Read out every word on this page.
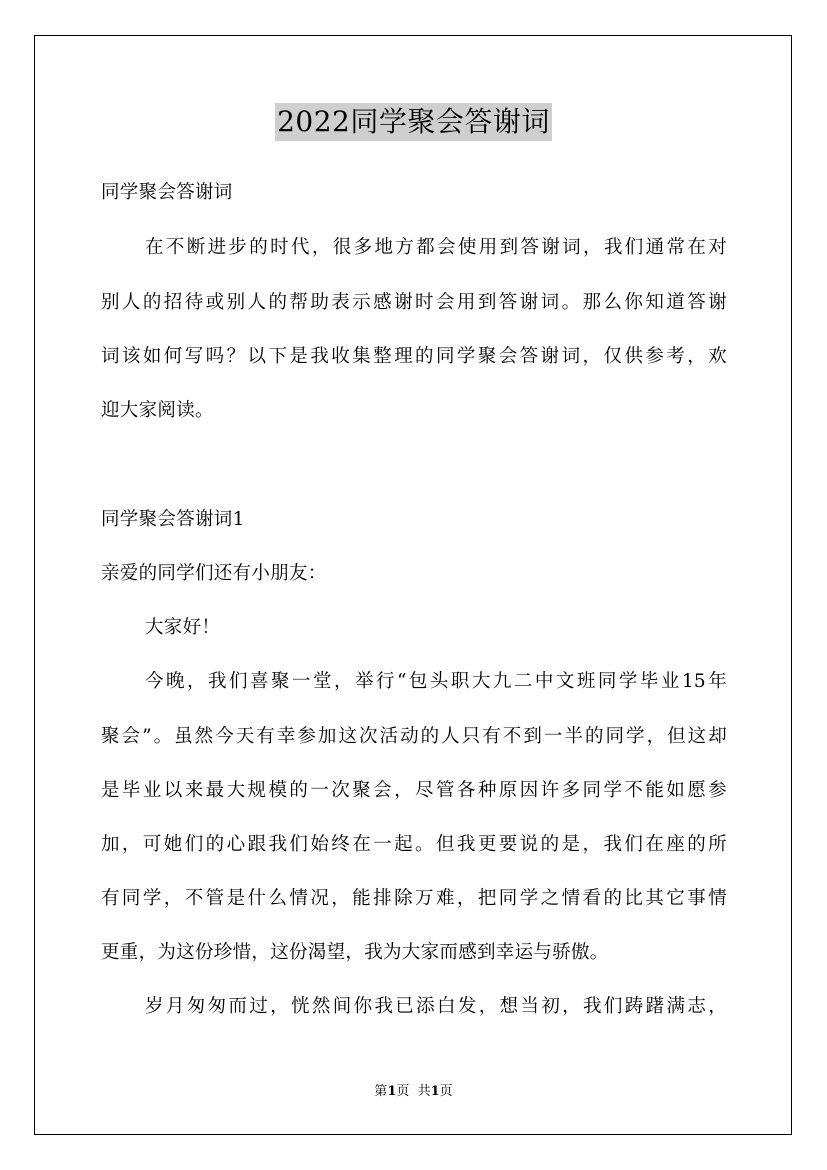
2022同学聚会答谢词
同学聚会答谢词
在不断进步的时代，很多地方都会使用到答谢词，我们通常在对
别人的招待或别人的帮助表示感谢时会用到答谢词。那么你知道答谢
词该如何写吗？以下是我收集整理的同学聚会答谢词，仅供参考，欢
迎大家阅读。
同学聚会答谢词1
亲爱的同学们还有小朋友：
大家好！
今晚，我们喜聚一堂，举行“包头职大九二中文班同学毕业15年
聚会”。虽然今天有幸参加这次活动的人只有不到一半的同学，但这却
是毕业以来最大规模的一次聚会，尽管各种原因许多同学不能如愿参
加，可她们的心跟我们始终在一起。但我更要说的是，我们在座的所
有同学，不管是什么情况，能排除万难，把同学之情看的比其它事情
更重，为这份珍惜，这份渴望，我为大家而感到幸运与骄傲。
岁月匆匆而过，恍然间你我已添白发，想当初，我们踌躇满志，
第1页  共1页
